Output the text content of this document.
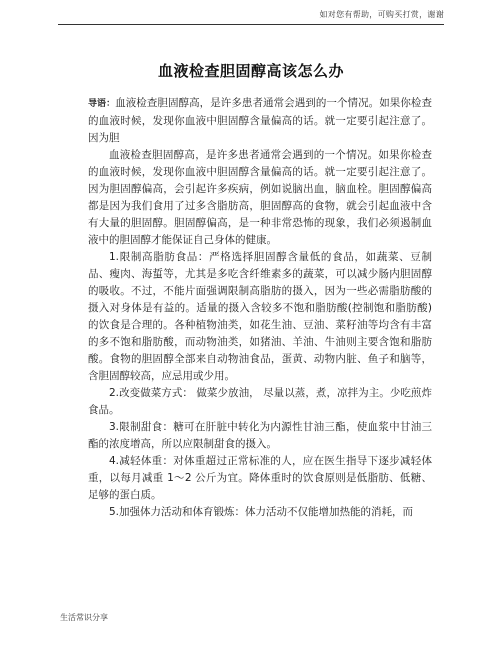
如对您有帮助，可购买打赏，谢谢
血液检查胆固醇高该怎么办

导语：血液检查胆固醇高，是许多患者通常会遇到的一个情况。如果你检查的血液时候，发现你血液中胆固醇含量偏高的话。就一定要引起注意了。因为胆

血液检查胆固醇高，是许多患者通常会遇到的一个情况。如果你检查的血液时候，发现你血液中胆固醇含量偏高的话。就一定要引起注意了。因为胆固醇偏高，会引起许多疾病，例如说脑出血，脑血栓。胆固醇偏高都是因为我们食用了过多含脂肪高，胆固醇高的食物，就会引起血液中含有大量的胆固醇。胆固醇偏高，是一种非常恐怖的现象，我们必须遏制血液中的胆固醇才能保证自己身体的健康。

1.限制高脂肪食品：严格选择胆固醇含量低的食品，如蔬菜、豆制品、瘦肉、海蜇等，尤其是多吃含纤维素多的蔬菜，可以减少肠内胆固醇的吸收。不过，不能片面强调限制高脂肪的摄入，因为一些必需脂肪酸的摄入对身体是有益的。适量的摄入含较多不饱和脂肪酸(控制饱和脂肪酸)的饮食是合理的。各种植物油类，如花生油、豆油、菜籽油等均含有丰富的多不饱和脂肪酸，而动物油类，如猪油、羊油、牛油则主要含饱和脂肪酸。食物的胆固醇全部来自动物油食品，蛋黄、动物内脏、鱼子和脑等，含胆固醇较高，应忌用或少用。

2.改变做菜方式： 做菜少放油， 尽量以蒸，煮，凉拌为主。少吃煎炸食品。

3.限制甜食：糖可在肝脏中转化为内源性甘油三酯，使血浆中甘油三酯的浓度增高，所以应限制甜食的摄入。

4.减轻体重：对体重超过正常标准的人，应在医生指导下逐步减轻体重，以每月减重 1～2 公斤为宜。降体重时的饮食原则是低脂肪、低糖、足够的蛋白质。

5.加强体力活动和体育锻炼：体力活动不仅能增加热能的消耗，而

生活常识分享
